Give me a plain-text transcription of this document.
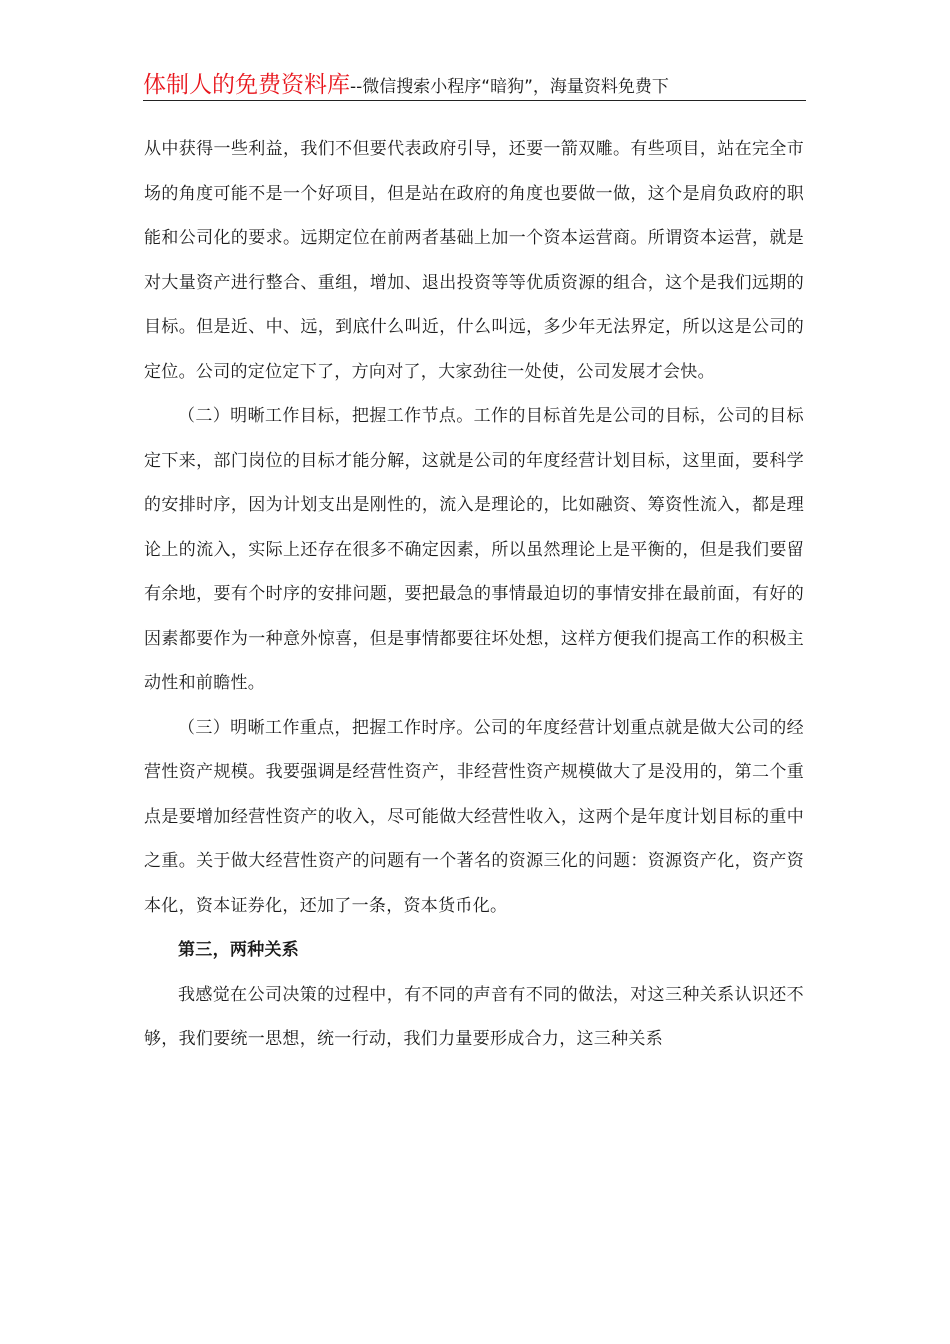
体制人的免费资料库--微信搜索小程序“暗狗”，海量资料免费下

从中获得一些利益，我们不但要代表政府引导，还要一箭双雕。有些项目，站在完全市场的角度可能不是一个好项目，但是站在政府的角度也要做一做，这个是肩负政府的职能和公司化的要求。远期定位在前两者基础上加一个资本运营商。所谓资本运营，就是对大量资产进行整合、重组，增加、退出投资等等优质资源的组合，这个是我们远期的目标。但是近、中、远，到底什么叫近，什么叫远，多少年无法界定，所以这是公司的定位。公司的定位定下了，方向对了，大家劲往一处使，公司发展才会快。

（二）明晰工作目标，把握工作节点。工作的目标首先是公司的目标，公司的目标定下来，部门岗位的目标才能分解，这就是公司的年度经营计划目标，这里面，要科学的安排时序，因为计划支出是刚性的，流入是理论的，比如融资、筹资性流入，都是理论上的流入，实际上还存在很多不确定因素，所以虽然理论上是平衡的，但是我们要留有余地，要有个时序的安排问题，要把最急的事情最迫切的事情安排在最前面，有好的因素都要作为一种意外惊喜，但是事情都要往坏处想，这样方便我们提高工作的积极主动性和前瞻性。

（三）明晰工作重点，把握工作时序。公司的年度经营计划重点就是做大公司的经营性资产规模。我要强调是经营性资产，非经营性资产规模做大了是没用的，第二个重点是要增加经营性资产的收入，尽可能做大经营性收入，这两个是年度计划目标的重中之重。关于做大经营性资产的问题有一个著名的资源三化的问题：资源资产化，资产资本化，资本证券化，还加了一条，资本货币化。

第三，两种关系

我感觉在公司决策的过程中，有不同的声音有不同的做法，对这三种关系认识还不够，我们要统一思想，统一行动，我们力量要形成合力，这三种关系
